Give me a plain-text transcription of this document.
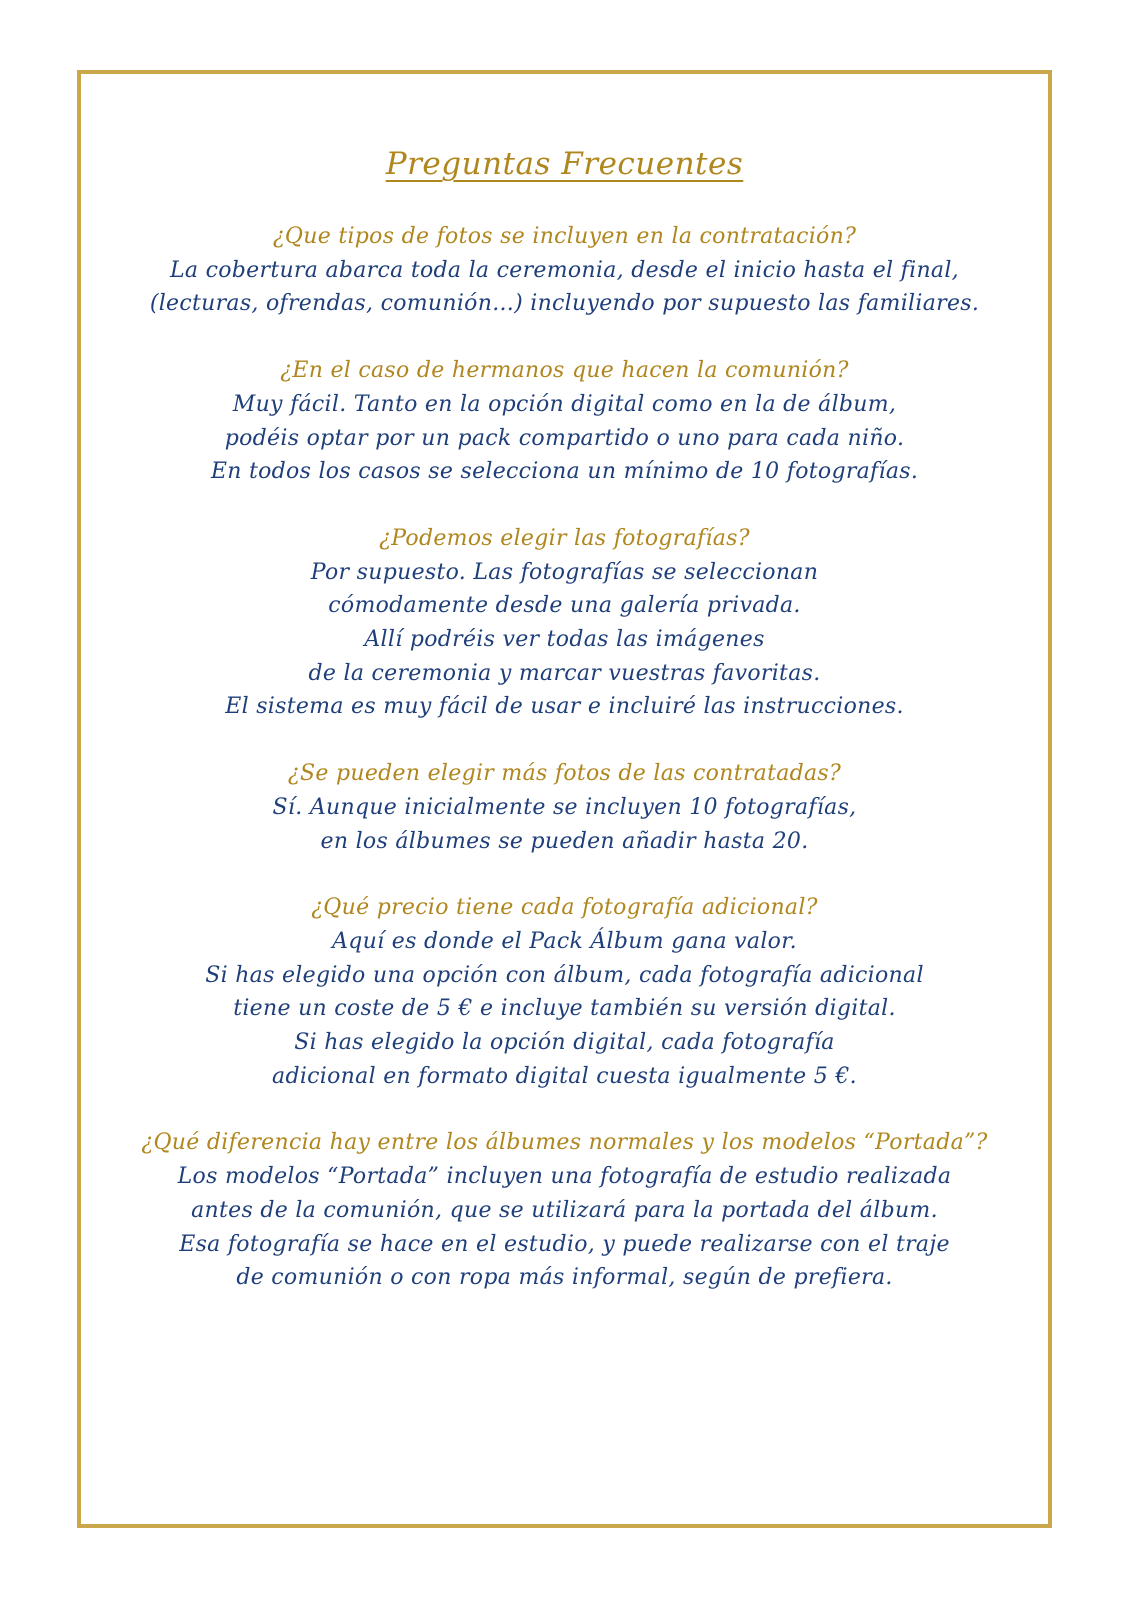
Preguntas Frecuentes
¿Que tipos de fotos se incluyen en la contratación?
La cobertura abarca toda la ceremonia, desde el inicio hasta el final,
(lecturas, ofrendas, comunión...) incluyendo por supuesto las familiares.
¿En el caso de hermanos que hacen la comunión?
Muy fácil. Tanto en la opción digital como en la de álbum,
podéis optar por un pack compartido o uno para cada niño.
En todos los casos se selecciona un mínimo de 10 fotografías.
¿Podemos elegir las fotografías?
Por supuesto. Las fotografías se seleccionan
cómodamente desde una galería privada.
Allí podréis ver todas las imágenes
de la ceremonia y marcar vuestras favoritas.
El sistema es muy fácil de usar e incluiré las instrucciones.
¿Se pueden elegir más fotos de las contratadas?
Sí. Aunque inicialmente se incluyen 10 fotografías,
en los álbumes se pueden añadir hasta 20.
¿Qué precio tiene cada fotografía adicional?
Aquí es donde el Pack Álbum gana valor.
Si has elegido una opción con álbum, cada fotografía adicional
tiene un coste de 5 € e incluye también su versión digital.
Si has elegido la opción digital, cada fotografía
adicional en formato digital cuesta igualmente 5 €.
¿Qué diferencia hay entre los álbumes normales y los modelos “Portada”?
Los modelos “Portada” incluyen una fotografía de estudio realizada
antes de la comunión, que se utilizará para la portada del álbum.
Esa fotografía se hace en el estudio, y puede realizarse con el traje
de comunión o con ropa más informal, según de prefiera.
